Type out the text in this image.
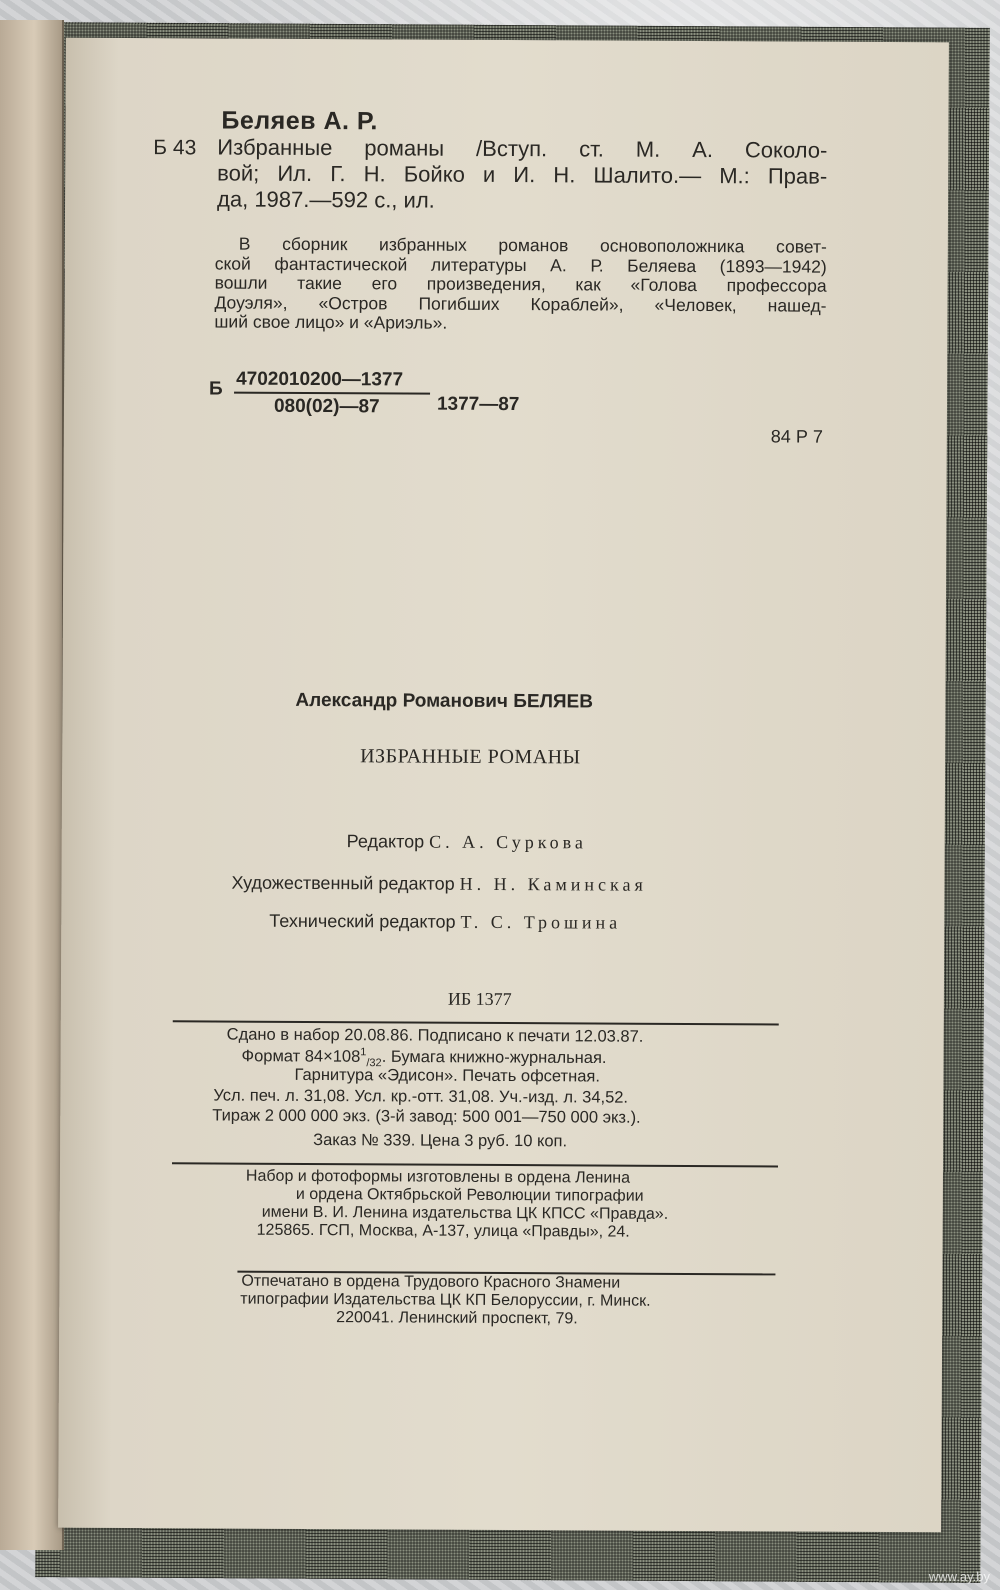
Беляев А. Р.
Б 43 Избранные романы /Вступ. ст. М. А. Соколо-
вой; Ил. Г. Н. Бойко и И. Н. Шалито.— М.: Прав-
да, 1987.—592 с., ил.
В сборник избранных романов основоположника совет-
ской фантастической литературы А. Р. Беляева (1893—1942)
вошли такие его произведения, как «Голова профессора
Доуэля», «Остров Погибших Кораблей», «Человек, нашед-
ший свое лицо» и «Ариэль».
Б 4702010200—1377
080(02)—87	1377—87
84 Р 7
Александр Романович БЕЛЯЕВ
ИЗБРАННЫЕ РОМАНЫ
Редактор С. А. Суркова
Художественный редактор Н. Н. Каминская
Технический редактор Т. С. Трошина
ИБ 1377
Сдано в набор 20.08.86. Подписано к печати 12.03.87.
Формат $84\times 108^1_{/32}$. Бумага книжно-журнальная.
Гарнитура «Эдисон». Печать офсетная.
Усл. печ. л. 31,08. Усл. кр.-отт. 31,08. Уч.-изд. л. 34,52.
Тираж 2 000 000 экз. (3-й завод: 500 001—750 000 экз.).
Заказ № 339. Цена 3 руб. 10 коп.
Набор и фотоформы изготовлены в ордена Ленина
и ордена Октябрьской Революции типографии
имени В. И. Ленина издательства ЦК КПСС «Правда».
125865. ГСП, Москва, А-137, улица «Правды», 24.
Отпечатано в ордена Трудового Красного Знамени
типографии Издательства ЦК КП Белоруссии, г. Минск.
220041. Ленинский проспект, 79.
www.ay.by
